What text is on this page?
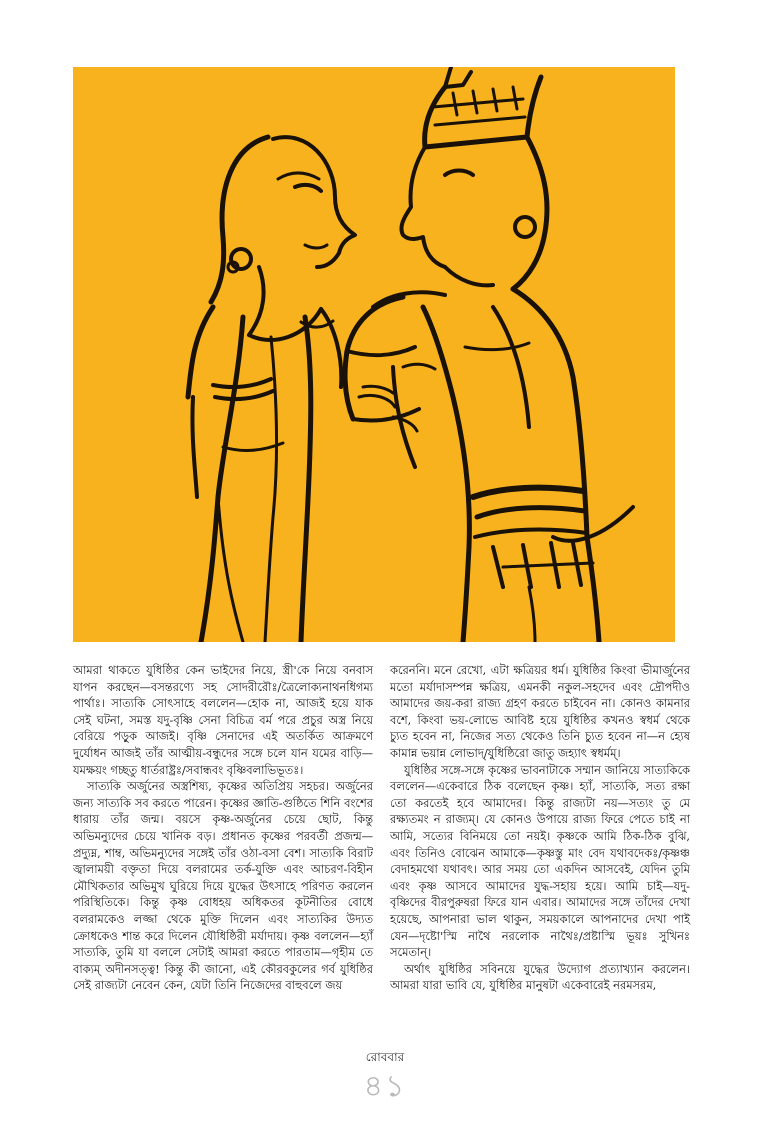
আমরা থাকতে যুধিষ্ঠির কেন ভাইদের নিয়ে, স্ত্রী'কে নিয়ে বনবাস যাপন করছেন—বসন্তরণ্যে সহ সোদরীরৌঃ/ত্রৈলোক্যনাথনধিগম্য পার্থাঃ। সাত্যকি সোৎসাহে বললেন—হোক না, আজই হয়ে যাক সেই ঘটনা, সমস্ত যদু-বৃষ্ণি সেনা বিচিত্র বর্ম পরে প্রচুর অস্ত্র নিয়ে বেরিয়ে পড়ুক আজই। বৃষ্ণি সেনাদের এই অতর্কিত আক্রমণে দুর্যোধন আজই তাঁর আত্মীয়-বন্ধুদের সঙ্গে চলে যান যমের বাড়ি—যমক্ষয়ং গচ্ছতু ধার্তরাষ্ট্রঃ/সবান্ধবং বৃষ্ণিবলাভিভূতঃ।

সাত্যকি অর্জুনের অস্ত্রশিষ্য, কৃষ্ণের অতিপ্রিয় সহচর। অর্জুনের জন্য সাত্যকি সব করতে পারেন। কৃষ্ণের জ্ঞাতি-গুষ্ঠিতে শিনি বংশের ধারায় তাঁর জন্ম। বয়সে কৃষ্ণ-অর্জুনের চেয়ে ছোট, কিন্তু অভিমন্যুদের চেয়ে খানিক বড়। প্রধানত কৃষ্ণের পরবর্তী প্রজন্ম—প্রদ্যুম্ন, শাম্ব, অভিমন্যুদের সঙ্গেই তাঁর ওঠা-বসা বেশ। সাত্যকি বিরাট জ্বালাময়ী বক্তৃতা দিয়ে বলরামের তর্ক-যুক্তি এবং আচরণ-বিহীন মৌখিকতার অভিমুখ ঘুরিয়ে দিয়ে যুদ্ধের উৎসাহে পরিণত করলেন পরিস্থিতিকে। কিন্তু কৃষ্ণ বোধহয় অধিকতর কূটনীতির বোধে বলরামকেও লজ্জা থেকে মুক্তি দিলেন এবং সাত্যকির উদ্যত ক্রোধকেও শান্ত করে দিলেন যৌধিষ্ঠিরী মর্যাদায়। কৃষ্ণ বললেন—হ্যাঁ সাত্যকি, তুমি যা বললে সেটাই আমরা করতে পারতাম—গৃহীম তে বাক্যম্ অদীনসত্ত্ব! কিন্তু কী জানো, এই কৌরবকুলের গর্ব যুধিষ্ঠির সেই রাজ্যটা নেবেন কেন, যেটা তিনি নিজেদের বাহুবলে জয়

করেননি। মনে রেখো, এটা ক্ষত্রিয়র ধর্ম। যুধিষ্ঠির কিংবা ভীমার্জুনের মতো মর্যাদাসম্পন্ন ক্ষত্রিয়, এমনকী নকুল-সহদেব এবং দ্রৌপদীও আমাদের জয়-করা রাজ্য গ্রহণ করতে চাইবেন না। কোনও কামনার বশে, কিংবা ভয়-লোভে আবিষ্ট হয়ে যুধিষ্ঠির কখনও স্বধর্ম থেকে চ্যুত হবেন না, নিজের সত্য থেকেও তিনি চ্যুত হবেন না—ন হ্যেষ কামান্ন ভয়ান্ন লোভাদ্/যুধিষ্ঠিরো জাতু জহ্যাৎ স্বধর্মম্।

যুধিষ্ঠির সঙ্গে-সঙ্গে কৃষ্ণের ভাবনাটাকে সম্মান জানিয়ে সাত্যকিকে বললেন—একেবারে ঠিক বলেছেন কৃষ্ণ। হ্যাঁ, সাত্যকি, সত্য রক্ষা তো করতেই হবে আমাদের। কিন্তু রাজ্যটা নয়—সত্যং তু মে রক্ষ্যতমং ন রাজ্যম্। যে কোনও উপায়ে রাজ্য ফিরে পেতে চাই না আমি, সত্যের বিনিময়ে তো নয়ই। কৃষ্ণকে আমি ঠিক-ঠিক বুঝি, এবং তিনিও বোঝেন আমাকে—কৃষ্ণস্তু মাং বেদ যথাবদেকঃ/কৃষ্ণঞ্চ বেদাহমথো যথাবৎ। আর সময় তো একদিন আসবেই, যেদিন তুমি এবং কৃষ্ণ আসবে আমাদের যুদ্ধ-সহায় হয়ে। আমি চাই—যদু-বৃষ্ণিদের বীরপুরুষরা ফিরে যান এবার। আমাদের সঙ্গে তাঁদের দেখা হয়েছে, আপনারা ভাল থাকুন, সময়কালে আপনাদের দেখা পাই যেন—দৃষ্টো'স্মি নাথৈ নরলোক নাথৈঃ/প্রষ্টাস্মি ভূয়ঃ সুখিনঃ সমেতান্।

অর্থাৎ যুধিষ্ঠির সবিনয়ে যুদ্ধের উদ্যোগ প্রত্যাখ্যান করলেন। আমরা যারা ভাবি যে, যুধিষ্ঠির মানুষটা একেবারেই নরমসরম,

রোববার
৪১
